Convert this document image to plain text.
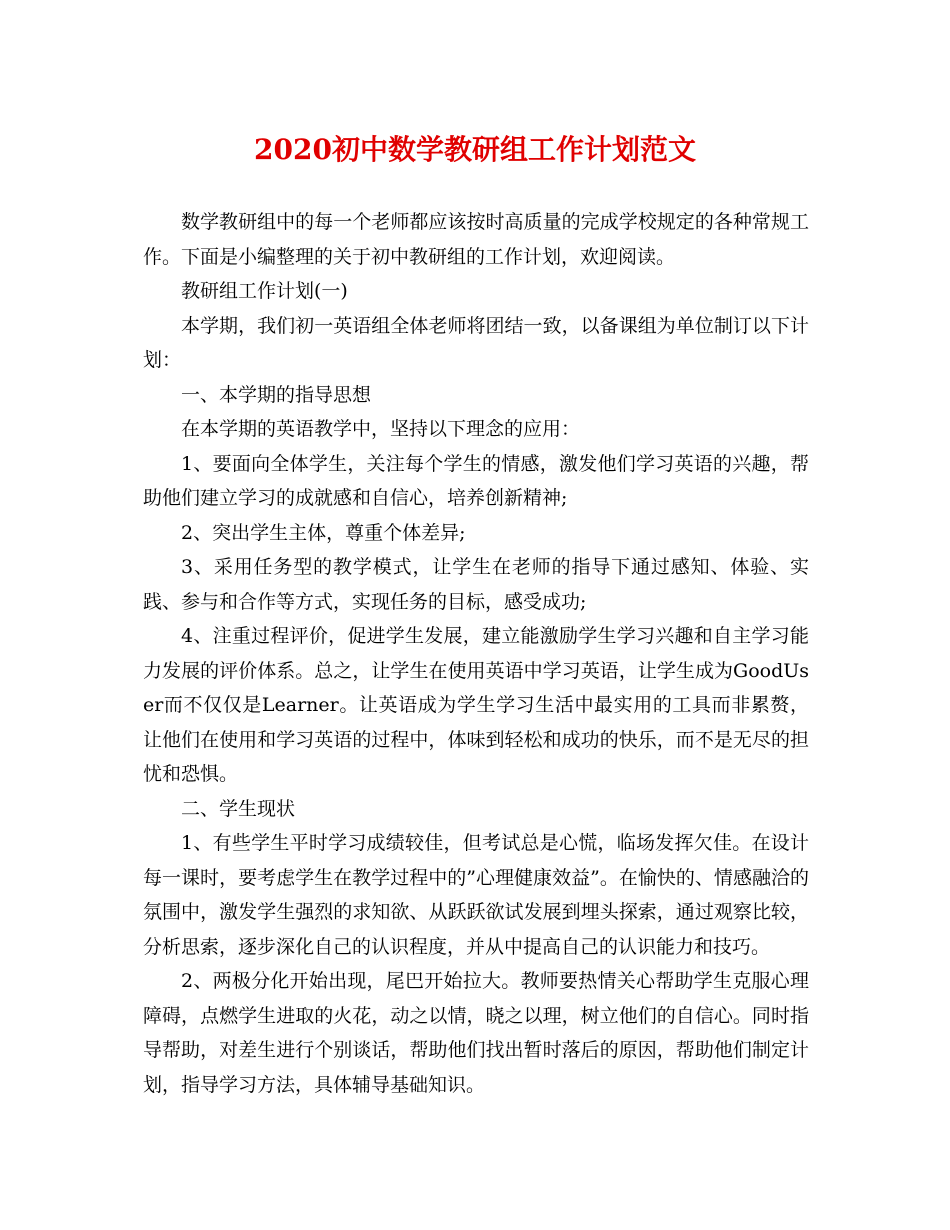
2020初中数学教研组工作计划范文

数学教研组中的每一个老师都应该按时高质量的完成学校规定的各种常规工作。下面是小编整理的关于初中教研组的工作计划，欢迎阅读。

教研组工作计划(一)

本学期，我们初一英语组全体老师将团结一致，以备课组为单位制订以下计划：

一、本学期的指导思想

在本学期的英语教学中，坚持以下理念的应用：

1、要面向全体学生，关注每个学生的情感，激发他们学习英语的兴趣，帮助他们建立学习的成就感和自信心，培养创新精神;

2、突出学生主体，尊重个体差异;

3、采用任务型的教学模式，让学生在老师的指导下通过感知、体验、实践、参与和合作等方式，实现任务的目标，感受成功;

4、注重过程评价，促进学生发展，建立能激励学生学习兴趣和自主学习能力发展的评价体系。总之，让学生在使用英语中学习英语，让学生成为GoodUser而不仅仅是Learner。让英语成为学生学习生活中最实用的工具而非累赘，让他们在使用和学习英语的过程中，体味到轻松和成功的快乐，而不是无尽的担忧和恐惧。

二、学生现状

1、有些学生平时学习成绩较佳，但考试总是心慌，临场发挥欠佳。在设计每一课时，要考虑学生在教学过程中的”心理健康效益”。在愉快的、情感融洽的氛围中，激发学生强烈的求知欲、从跃跃欲试发展到埋头探索，通过观察比较，分析思索，逐步深化自己的认识程度，并从中提高自己的认识能力和技巧。

2、两极分化开始出现，尾巴开始拉大。教师要热情关心帮助学生克服心理障碍，点燃学生进取的火花，动之以情，晓之以理，树立他们的自信心。同时指导帮助，对差生进行个别谈话，帮助他们找出暂时落后的原因，帮助他们制定计划，指导学习方法，具体辅导基础知识。
